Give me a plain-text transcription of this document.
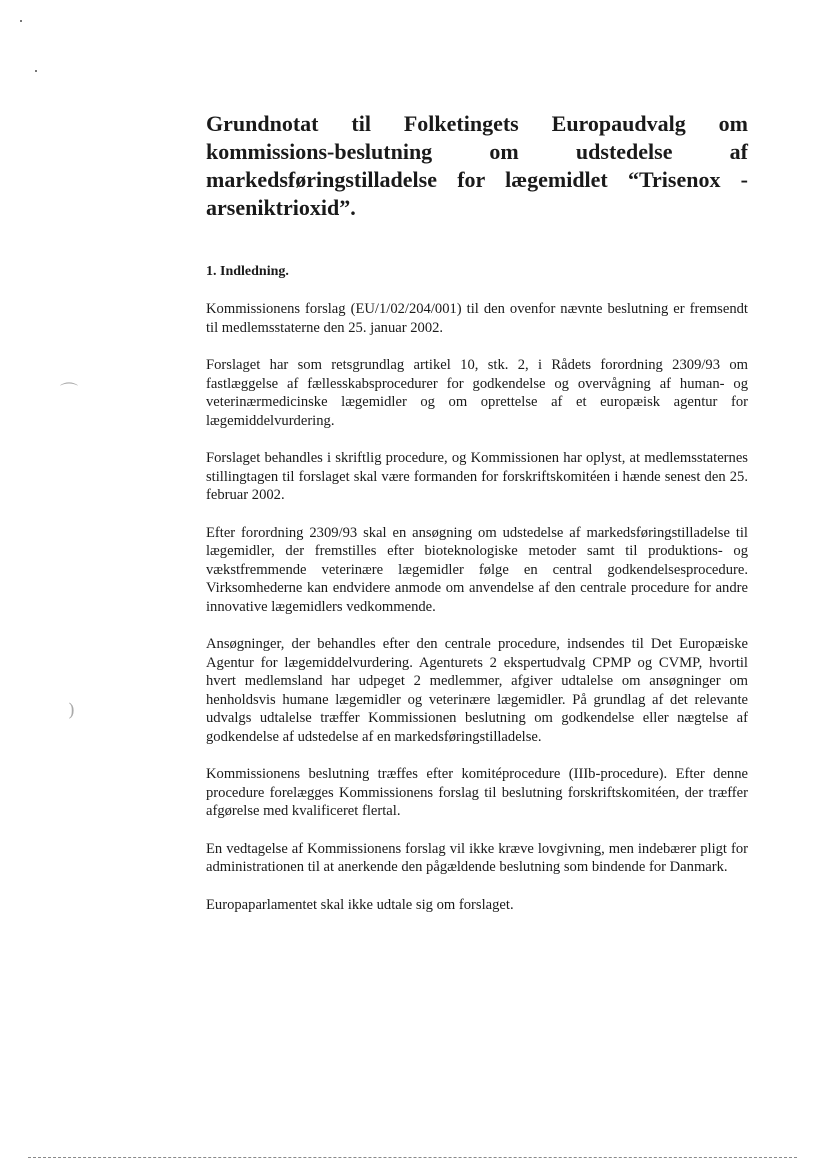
⌒
)
Grundnotat til Folketingets Europaudvalg om kommissions-beslutning om udstedelse af markedsføringstilladelse for lægemidlet “Trisenox - arseniktrioxid”.
1. Indledning.

Kommissionens forslag (EU/1/02/204/001) til den ovenfor nævnte beslutning er fremsendt til medlemsstaterne den 25. januar 2002.

Forslaget har som retsgrundlag artikel 10, stk. 2, i Rådets forordning 2309/93 om fastlæggelse af fællesskabsprocedurer for godkendelse og overvågning af human- og veterinærmedicinske lægemidler og om oprettelse af et europæisk agentur for lægemiddelvurdering.

Forslaget behandles i skriftlig procedure, og Kommissionen har oplyst, at medlemsstaternes stillingtagen til forslaget skal være formanden for forskriftskomitéen i hænde senest den 25. februar 2002.

Efter forordning 2309/93 skal en ansøgning om udstedelse af markedsføringstilladelse til lægemidler, der fremstilles efter bioteknologiske metoder samt til produktions- og vækstfremmende veterinære lægemidler følge en central godkendelsesprocedure. Virksomhederne kan endvidere anmode om anvendelse af den centrale procedure for andre innovative lægemidlers vedkommende.

Ansøgninger, der behandles efter den centrale procedure, indsendes til Det Europæiske Agentur for lægemiddelvurdering. Agenturets 2 ekspertudvalg CPMP og CVMP, hvortil hvert medlemsland har udpeget 2 medlemmer, afgiver udtalelse om ansøgninger om henholdsvis humane lægemidler og veterinære lægemidler. På grundlag af det relevante udvalgs udtalelse træffer Kommissionen beslutning om godkendelse eller nægtelse af godkendelse af udstedelse af en markedsføringstilladelse.

Kommissionens beslutning træffes efter komitéprocedure (IIIb-procedure). Efter denne procedure forelægges Kommissionens forslag til beslutning forskriftskomitéen, der træffer afgørelse med kvalificeret flertal.

En vedtagelse af Kommissionens forslag vil ikke kræve lovgivning, men indebærer pligt for administrationen til at anerkende den pågældende beslutning som bindende for Danmark.

Europaparlamentet skal ikke udtale sig om forslaget.
